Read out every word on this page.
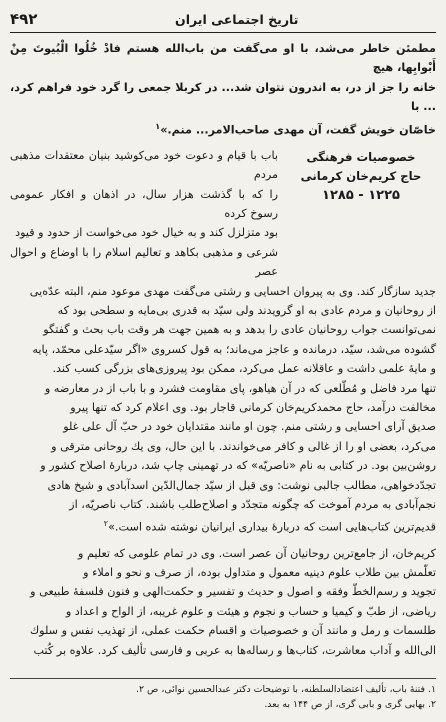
۴۹۲	تاریخ اجتماعی ایران

مطمئن خاطر می‌شد، با او می‌گفت من باب‌الله هستم فادْ خُلُوا الْبُیوتَ مِنْ أَبْوابِها، هیچ

خانه را جز از در، به اندرون نتوان شد... در کربلا جمعی را گرد خود فراهم کرد، ... با

خاصّان خویش گفت، آن مهدی صاحب‌الامر... منم.»$^۱$

خصوصیات فرهنگی
حاج کریم‌خان کرمانی
۱۲۲۵ - ۱۲۸۵

باب با قیام و دعوت خود می‌کوشید بنیان معتقدات مذهبی مردم

را که با گذشت هزار سال، در اذهان و افکار عمومی رسوخ کرده

بود متزلزل کند و به خیال خود می‌خواست از حدود و قیود

شرعی و مذهبی بکاهد و تعالیم اسلام را با اوضاع و احوال عصر

جدید سازگار کند. وی به پیروان احسایی و رشتی می‌گفت مهدی موعود منم، البته عدّه‌یی

از روحانیان و مردم عادی به او گرویدند ولی سیّد به قدری بی‌مایه و سطحی بود که

نمی‌توانست جواب روحانیان عادی را بدهد و به همین جهت هر وقت باب بحث و گفتگو

گشوده می‌شد، سیّد، درمانده و عاجز می‌ماند؛ به قول کسروی «اگر سیّدعلی محمّد، پایه

و مایهٔ علمی داشت و عاقلانه عمل می‌کرد، ممکن بود پیروزی‌های بزرگی کسب کند.

تنها مرد فاضل و مُطّلعی که در آن هیاهو، پای مقاومت فشرد و با باب از در معارضه و

مخالفت درآمد، حاج محمدکریم‌خان کرمانی قاجار بود. وی اعلام کرد که تنها پیرو

صدیق آرای احسایی و رشتی منم. چون او مانند مقتدایان خود در حبّ آل علی غلو

می‌کرد، بعضی او را از غالی و کافر می‌خواندند. با این حال، وی یك روحانی مترقی و

روشن‌بین بود. در کتابی به نام «ناصریّه» که در تهمینی چاپ شد، دربارهٔ اصلاح کشور و

تجدّدخواهی، مطالب جالبی نوشت: وی قبل از سیّد جمال‌الدّین اسدآبادی و شیخ هادی

نجم‌آبادی به مردم آموخت که چگونه متجدّد و اصلاح‌طلب باشند. کتاب ناصریّه، از

قدیم‌ترین کتاب‌هایی است که دربارهٔ بیداری ایرانیان نوشته شده است.»$^۲$

کریم‌خان، از جامع‌ترین روحانیان آن عصر است. وی در تمام علومی که تعلیم و

تعلّمش بین طلاب علوم دینیه معمول و متداول بوده، از صرف و نحو و املاء و

تجوید و رسم‌الخطّ وفقه و اصول و حدیث و تفسیر و حکمت‌الهی و فنون فلسفهٔ طبیعی و

ریاضی، از طبّ و کیمیا و حساب و نجوم و هیئت و علوم غریبه، از الواح و اعداد و

طلسمات و رمل و مانند آن و خصوصیات و اقسام حکمت عملی، از تهذیب نفس و سلوك

الی‌الله و آداب معاشرت، کتاب‌ها و رساله‌ها به عربی و فارسی تألیف کرد. علاوه بر کُتب

۱. فتنهٔ باب، تألیف اعتضادالسلطنه، با توضیحات دکتر عبدالحسین نوائی، ص ۲.

۲. بهایی گری و بابی گری، از ص ۱۴۴ به بعد.
